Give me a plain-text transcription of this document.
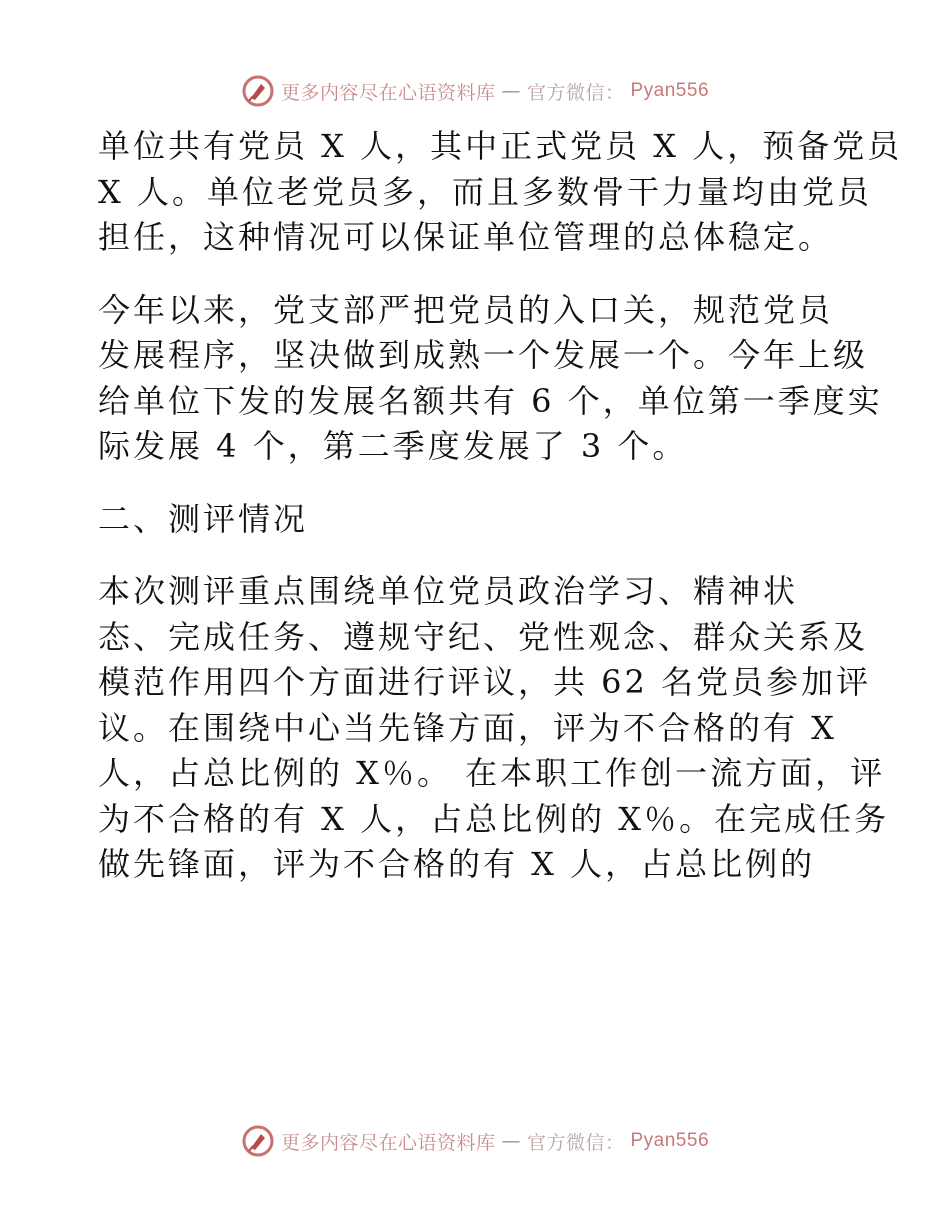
更多内容尽在心语资料库 — 官方微信： Pyan556
单位共有党员 X 人，其中正式党员 X 人，预备党员
X 人。单位老党员多，而且多数骨干力量均由党员
担任，这种情况可以保证单位管理的总体稳定。
今年以来，党支部严把党员的入口关，规范党员
发展程序，坚决做到成熟一个发展一个。今年上级
给单位下发的发展名额共有 6 个，单位第一季度实
际发展 4 个，第二季度发展了 3 个。
二、测评情况
本次测评重点围绕单位党员政治学习、精神状
态、完成任务、遵规守纪、党性观念、群众关系及
模范作用四个方面进行评议，共 62 名党员参加评
议。在围绕中心当先锋方面，评为不合格的有 X
人，占总比例的 X％。 在本职工作创一流方面，评
为不合格的有 X 人，占总比例的 X％。在完成任务
做先锋面，评为不合格的有 X 人，占总比例的
更多内容尽在心语资料库 — 官方微信： Pyan556
